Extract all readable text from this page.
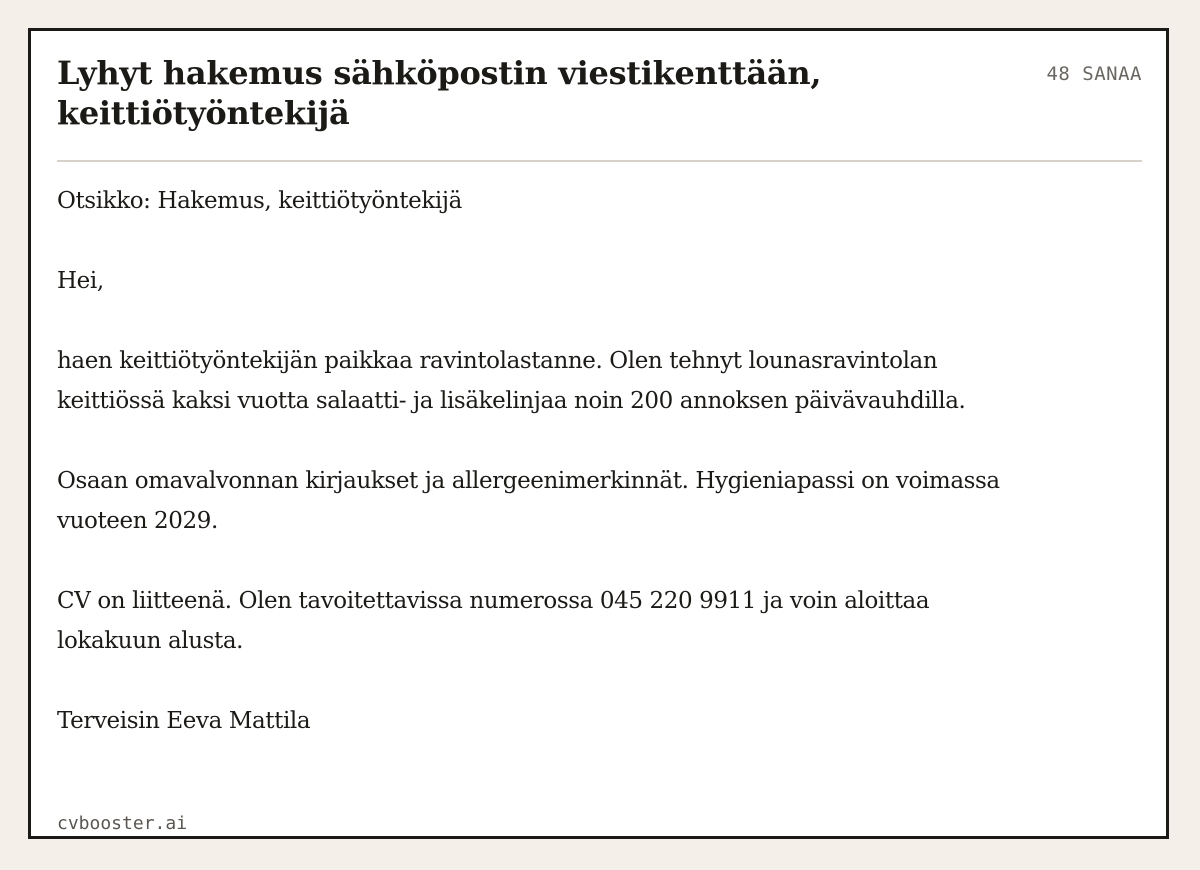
Lyhyt hakemus sähköpostin viestikenttään, keittiötyöntekijä
48 SANAA

Otsikko: Hakemus, keittiötyöntekijä

Hei,

haen keittiötyöntekijän paikkaa ravintolastanne. Olen tehnyt lounasravintolan keittiössä kaksi vuotta salaatti- ja lisäkelinjaa noin 200 annoksen päivävauhdilla.

Osaan omavalvonnan kirjaukset ja allergeenimerkinnät. Hygieniapassi on voimassa vuoteen 2029.

CV on liitteenä. Olen tavoitettavissa numerossa 045 220 9911 ja voin aloittaa lokakuun alusta.

Terveisin Eeva Mattila

cvbooster.ai
